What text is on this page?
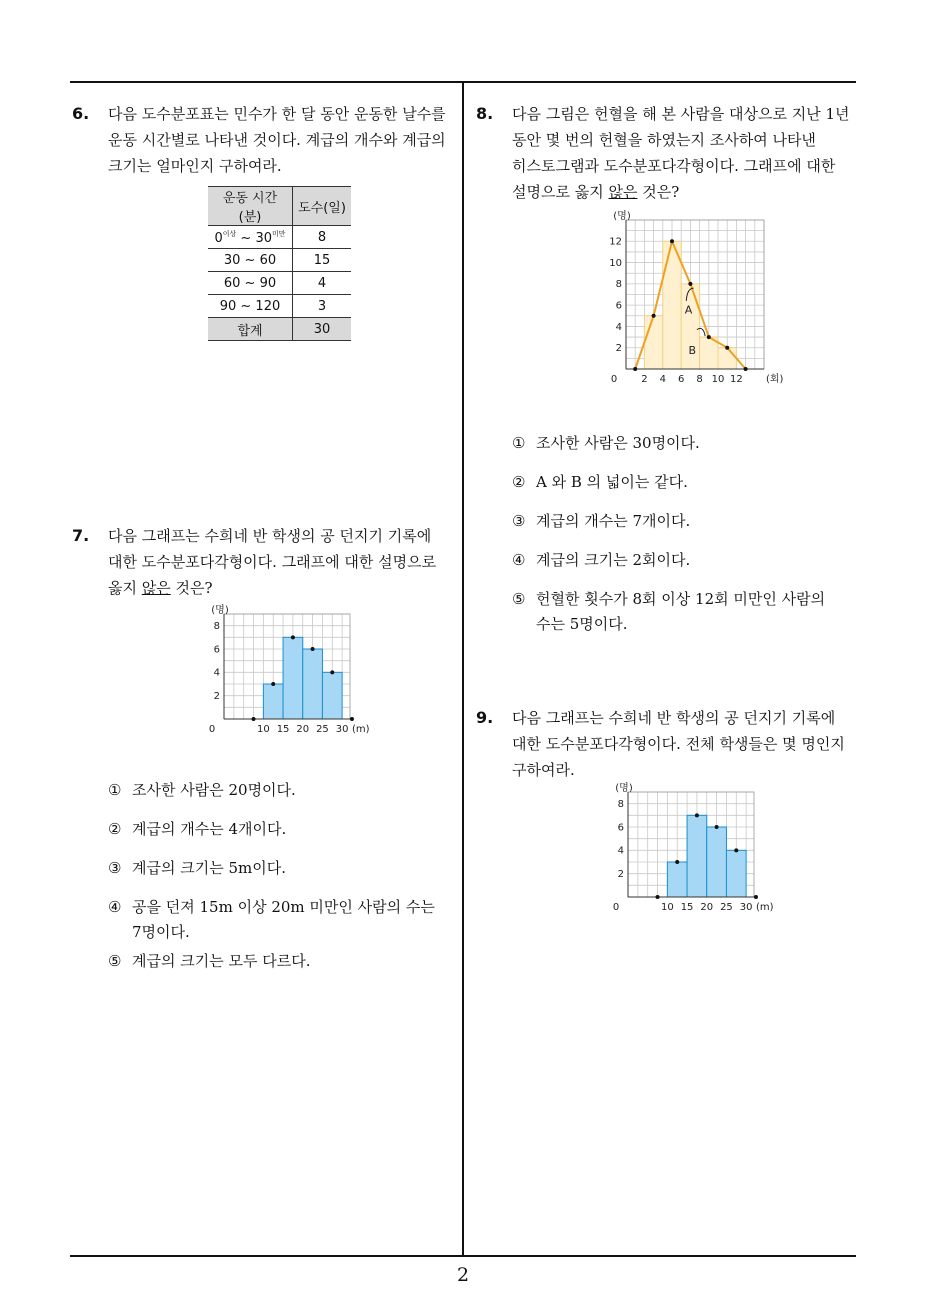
2
6. 다음 도수분포표는 민수가 한 달 동안 운동한 날수를
운동 시간별로 나타낸 것이다. 계급의 개수와 계급의
크기는 얼마인지 구하여라.
운동 시간(분)	도수(일)
$0^{이상}$ ~ $30^{미만}$	8
30 ~ 60	15
60 ~ 90	4
90 ~ 120	3
합계	30
7. 다음 그래프는 수희네 반 학생의 공 던지기 기록에
대한 도수분포다각형이다. 그래프에 대한 설명으로
옳지 않은 것은?
10 15 20 25 30
2
4
6
8
0
(명)
(m)
① 조사한 사람은 20명이다.
② 계급의 개수는 4개이다.
③ 계급의 크기는 5m이다.
④ 공을 던져 15m 이상 20m 미만인 사람의 수는
7명이다.
⑤ 계급의 크기는 모두 다르다.
8. 다음 그림은 헌혈을 해 본 사람을 대상으로 지난 1년
동안 몇 번의 헌혈을 하였는지 조사하여 나타낸
히스토그램과 도수분포다각형이다. 그래프에 대한
설명으로 옳지 않은 것은?
2 4 6 8 10 12
2
4
6
8
10
12
0
(명)
(회)
A
B
① 조사한 사람은 30명이다.
② A 와 B 의 넓이는 같다.
③ 계급의 개수는 7개이다.
④ 계급의 크기는 2회이다.
⑤ 헌혈한 횟수가 8회 이상 12회 미만인 사람의
수는 5명이다.
9. 다음 그래프는 수희네 반 학생의 공 던지기 기록에
대한 도수분포다각형이다. 전체 학생들은 몇 명인지
구하여라.
10 15 20 25 30
2
4
6
8
0
(명)
(m)
